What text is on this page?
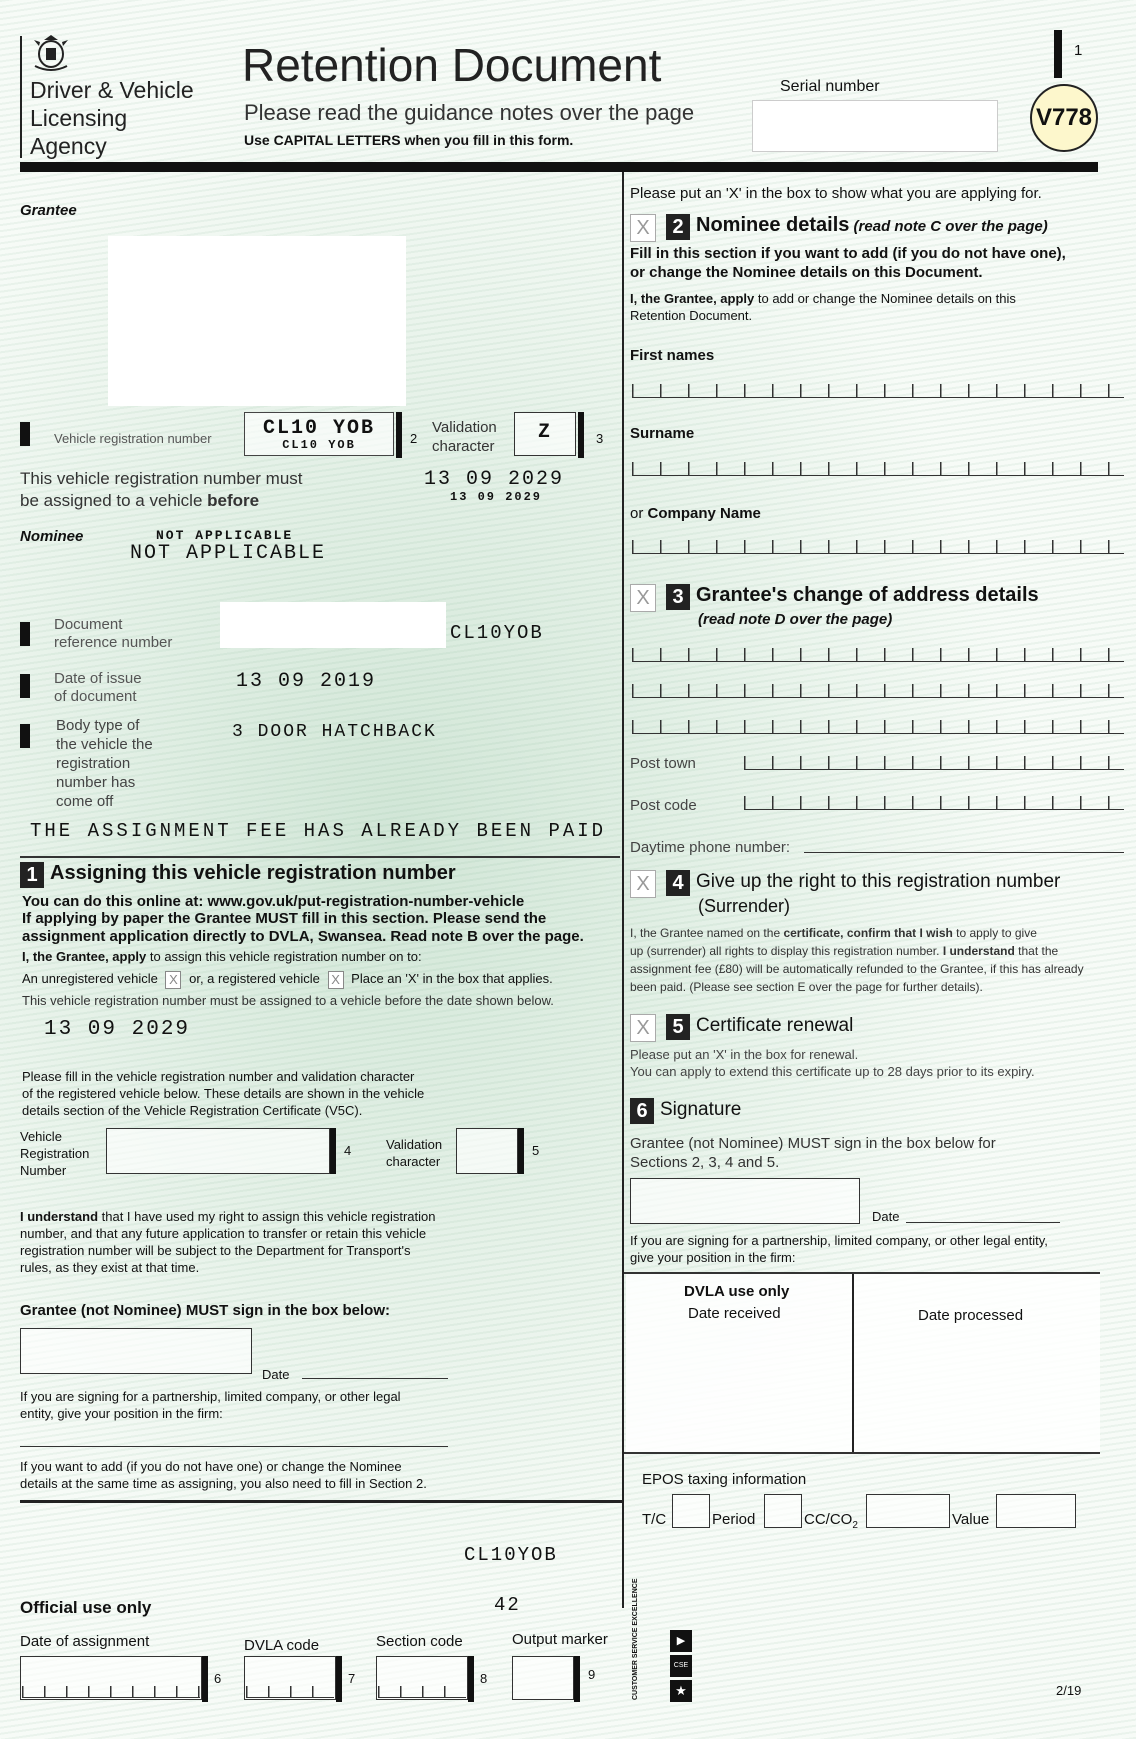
Driver & Vehicle
Licensing
Agency
Retention Document
Please read the guidance notes over the page
Use CAPITAL LETTERS when you fill in this form.
Serial number
1
V778
Grantee
Vehicle registration number	CL10 YOB
CL10 YOB	2
Validation
character
Z	3
This vehicle registration number must
be assigned to a vehicle before
13 09 2029
13 09 2029
Nominee	NOT APPLICABLE
NOT APPLICABLE
Document
reference number	CL10YOB
Date of issue
of document
13 09 2019
Body type of
the vehicle the
registration
number has
come off
3 DOOR HATCHBACK
THE ASSIGNMENT FEE HAS ALREADY BEEN PAID
1 Assigning this vehicle registration number
You can do this online at: www.gov.uk/put-registration-number-vehicle
If applying by paper the Grantee MUST fill in this section. Please send the
assignment application directly to DVLA, Swansea. Read note B over the page.
I, the Grantee, apply to assign this vehicle registration number on to:
An unregistered vehicle X or, a registered vehicle X Place an 'X' in the box that applies.
This vehicle registration number must be assigned to a vehicle before the date shown below.
13 09 2029
Please fill in the vehicle registration number and validation character
of the registered vehicle below. These details are shown in the vehicle
details section of the Vehicle Registration Certificate (V5C).
Vehicle
Registration
Number
4	Validation
character
5
I understand that I have used my right to assign this vehicle registration
number, and that any future application to transfer or retain this vehicle
registration number will be subject to the Department for Transport's
rules, as they exist at that time.
Grantee (not Nominee) MUST sign in the box below:
Date
If you are signing for a partnership, limited company, or other legal
entity, give your position in the firm:
If you want to add (if you do not have one) or change the Nominee
details at the same time as assigning, you also need to fill in Section 2.
CL10YOB
42
Official use only
Date of assignment
6
DVLA code
7
Section code
8
Output marker
9	CUSTOMER SERVICE EXCELLENCE	▶
CSE
★	2/19
Please put an 'X' in the box to show what you are applying for.
X	2 Nominee details (read note C over the page)
Fill in this section if you want to add (if you do not have one),
or change the Nominee details on this Document.
I, the Grantee, apply to add or change the Nominee details on this
Retention Document.
First names
Surname
or Company Name
X	3 Grantee's change of address details
(read note D over the page)
Post town
Post code
Daytime phone number:
X	4 Give up the right to this registration number
(Surrender)
I, the Grantee named on the certificate, confirm that I wish to apply to give
up (surrender) all rights to display this registration number. I understand that the
assignment fee (£80) will be automatically refunded to the Grantee, if this has already
been paid. (Please see section E over the page for further details).
X	5 Certificate renewal
Please put an 'X' in the box for renewal.
You can apply to extend this certificate up to 28 days prior to its expiry.
6 Signature
Grantee (not Nominee) MUST sign in the box below for
Sections 2, 3, 4 and 5.
Date
If you are signing for a partnership, limited company, or other legal entity,
give your position in the firm:
DVLA use only
Date received	Date processed
EPOS taxing information
T/C	Period	$CC/CO_2$	Value
